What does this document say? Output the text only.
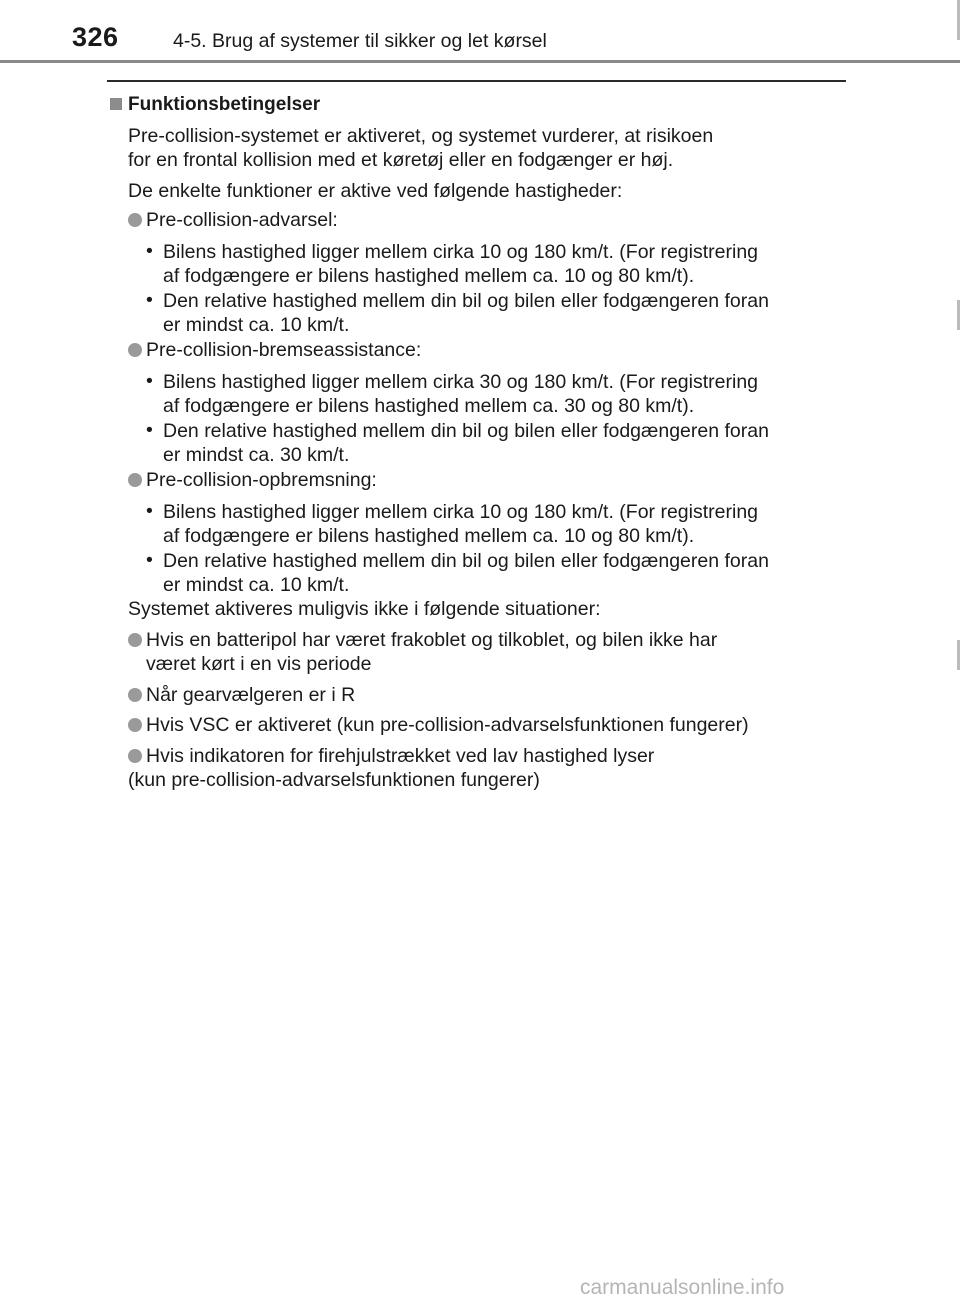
326	4-5. Brug af systemer til sikker og let kørsel
Funktionsbetingelser
Pre-collision-systemet er aktiveret, og systemet vurderer, at risikoen
for en frontal kollision med et køretøj eller en fodgænger er høj.
De enkelte funktioner er aktive ved følgende hastigheder:
Pre-collision-advarsel:
• Bilens hastighed ligger mellem cirka 10 og 180 km/t. (For registrering
af fodgængere er bilens hastighed mellem ca. 10 og 80 km/t).
• Den relative hastighed mellem din bil og bilen eller fodgængeren foran
er mindst ca. 10 km/t.
Pre-collision-bremseassistance:
• Bilens hastighed ligger mellem cirka 30 og 180 km/t. (For registrering
af fodgængere er bilens hastighed mellem ca. 30 og 80 km/t).
• Den relative hastighed mellem din bil og bilen eller fodgængeren foran
er mindst ca. 30 km/t.
Pre-collision-opbremsning:
• Bilens hastighed ligger mellem cirka 10 og 180 km/t. (For registrering
af fodgængere er bilens hastighed mellem ca. 10 og 80 km/t).
• Den relative hastighed mellem din bil og bilen eller fodgængeren foran
er mindst ca. 10 km/t.
Systemet aktiveres muligvis ikke i følgende situationer:
Hvis en batteripol har været frakoblet og tilkoblet, og bilen ikke har
været kørt i en vis periode
Når gearvælgeren er i R
Hvis VSC er aktiveret (kun pre-collision-advarselsfunktionen fungerer)
Hvis indikatoren for firehjulstrækket ved lav hastighed lyser
(kun pre-collision-advarselsfunktionen fungerer)
carmanualsonline.info
